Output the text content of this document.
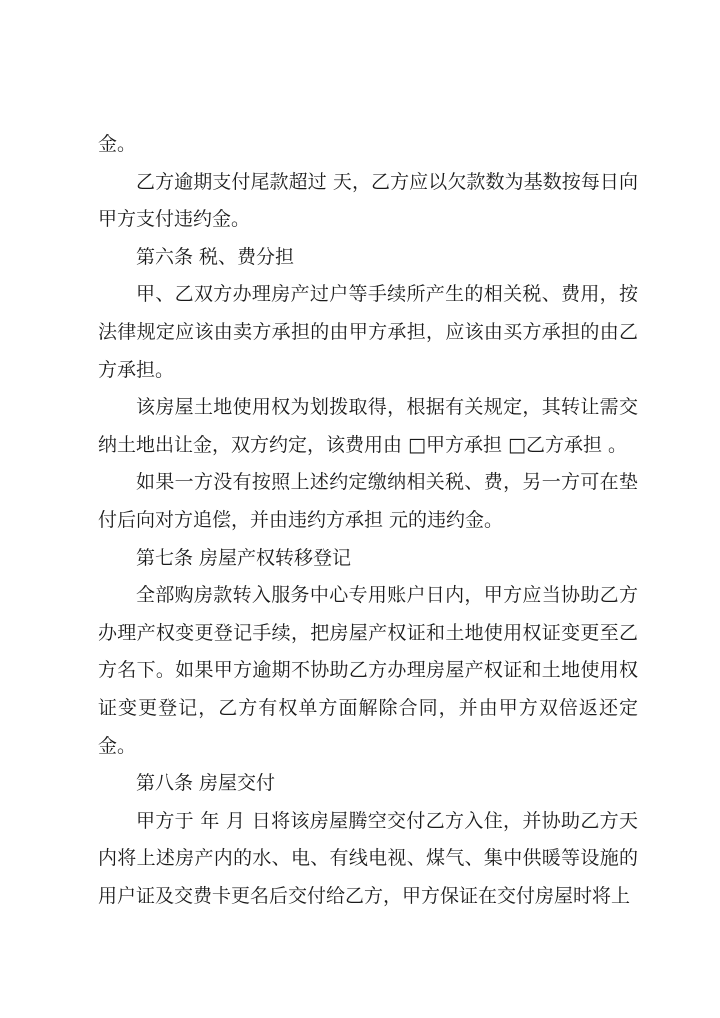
金。

乙方逾期支付尾款超过 天，乙方应以欠款数为基数按每日向甲方支付违约金。

第六条 税、费分担

甲、乙双方办理房产过户等手续所产生的相关税、费用，按法律规定应该由卖方承担的由甲方承担，应该由买方承担的由乙方承担。

该房屋土地使用权为划拨取得，根据有关规定，其转让需交纳土地出让金，双方约定，该费用由 □甲方承担 □乙方承担 。

如果一方没有按照上述约定缴纳相关税、费，另一方可在垫付后向对方追偿，并由违约方承担 元的违约金。

第七条 房屋产权转移登记

全部购房款转入服务中心专用账户日内，甲方应当协助乙方办理产权变更登记手续，把房屋产权证和土地使用权证变更至乙方名下。如果甲方逾期不协助乙方办理房屋产权证和土地使用权证变更登记，乙方有权单方面解除合同，并由甲方双倍返还定金。

第八条 房屋交付

甲方于 年 月 日将该房屋腾空交付乙方入住，并协助乙方天内将上述房产内的水、电、有线电视、煤气、集中供暖等设施的用户证及交费卡更名后交付给乙方，甲方保证在交付房屋时将上
